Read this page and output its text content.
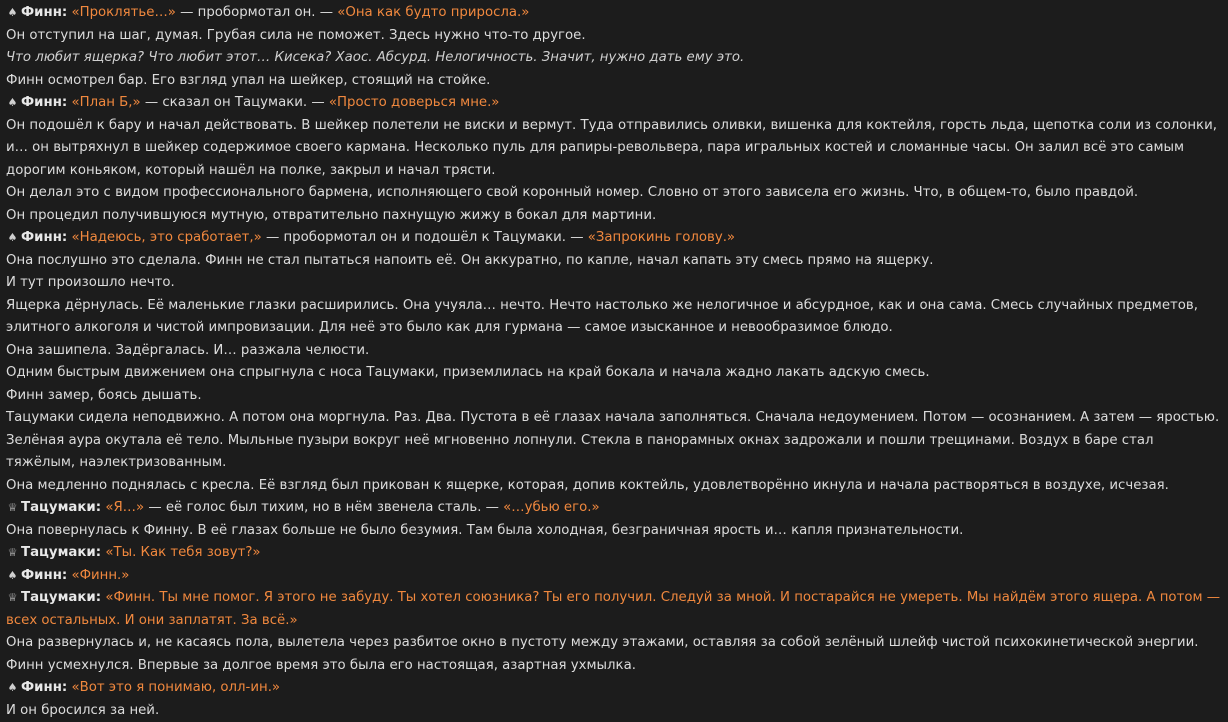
♠ Финн: «Проклятье…» — пробормотал он. — «Она как будто приросла.»
Он отступил на шаг, думая. Грубая сила не поможет. Здесь нужно что-то другое.
Что любит ящерка? Что любит этот… Кисека? Хаос. Абсурд. Нелогичность. Значит, нужно дать ему это.
Финн осмотрел бар. Его взгляд упал на шейкер, стоящий на стойке.
♠ Финн: «План Б,» — сказал он Тацумаки. — «Просто доверься мне.»
Он подошёл к бару и начал действовать. В шейкер полетели не виски и вермут. Туда отправились оливки, вишенка для коктейля, горсть льда, щепотка соли из солонки, и… он вытряхнул в шейкер содержимое своего кармана. Несколько пуль для рапиры-револьвера, пара игральных костей и сломанные часы. Он залил всё это самым дорогим коньяком, который нашёл на полке, закрыл и начал трясти.
Он делал это с видом профессионального бармена, исполняющего свой коронный номер. Словно от этого зависела его жизнь. Что, в общем-то, было правдой.
Он процедил получившуюся мутную, отвратительно пахнущую жижу в бокал для мартини.
♠ Финн: «Надеюсь, это сработает,» — пробормотал он и подошёл к Тацумаки. — «Запрокинь голову.»
Она послушно это сделала. Финн не стал пытаться напоить её. Он аккуратно, по капле, начал капать эту смесь прямо на ящерку.
И тут произошло нечто.
Ящерка дёрнулась. Её маленькие глазки расширились. Она учуяла… нечто. Нечто настолько же нелогичное и абсурдное, как и она сама. Смесь случайных предметов, элитного алкоголя и чистой импровизации. Для неё это было как для гурмана — самое изысканное и невообразимое блюдо.
Она зашипела. Задёргалась. И… разжала челюсти.
Одним быстрым движением она спрыгнула с носа Тацумаки, приземлилась на край бокала и начала жадно лакать адскую смесь.
Финн замер, боясь дышать.
Тацумаки сидела неподвижно. А потом она моргнула. Раз. Два. Пустота в её глазах начала заполняться. Сначала недоумением. Потом — осознанием. А затем — яростью.
Зелёная аура окутала её тело. Мыльные пузыри вокруг неё мгновенно лопнули. Стекла в панорамных окнах задрожали и пошли трещинами. Воздух в баре стал тяжёлым, наэлектризованным.
Она медленно поднялась с кресла. Её взгляд был прикован к ящерке, которая, допив коктейль, удовлетворённо икнула и начала растворяться в воздухе, исчезая.
♕ Тацумаки: «Я…» — её голос был тихим, но в нём звенела сталь. — «…убью его.»
Она повернулась к Финну. В её глазах больше не было безумия. Там была холодная, безграничная ярость и… капля признательности.
♕ Тацумаки: «Ты. Как тебя зовут?»
♠ Финн: «Финн.»
♕ Тацумаки: «Финн. Ты мне помог. Я этого не забуду. Ты хотел союзника? Ты его получил. Следуй за мной. И постарайся не умереть. Мы найдём этого ящера. А потом — всех остальных. И они заплатят. За всё.»
Она развернулась и, не касаясь пола, вылетела через разбитое окно в пустоту между этажами, оставляя за собой зелёный шлейф чистой психокинетической энергии.
Финн усмехнулся. Впервые за долгое время это была его настоящая, азартная ухмылка.
♠ Финн: «Вот это я понимаю, олл-ин.»
И он бросился за ней.
